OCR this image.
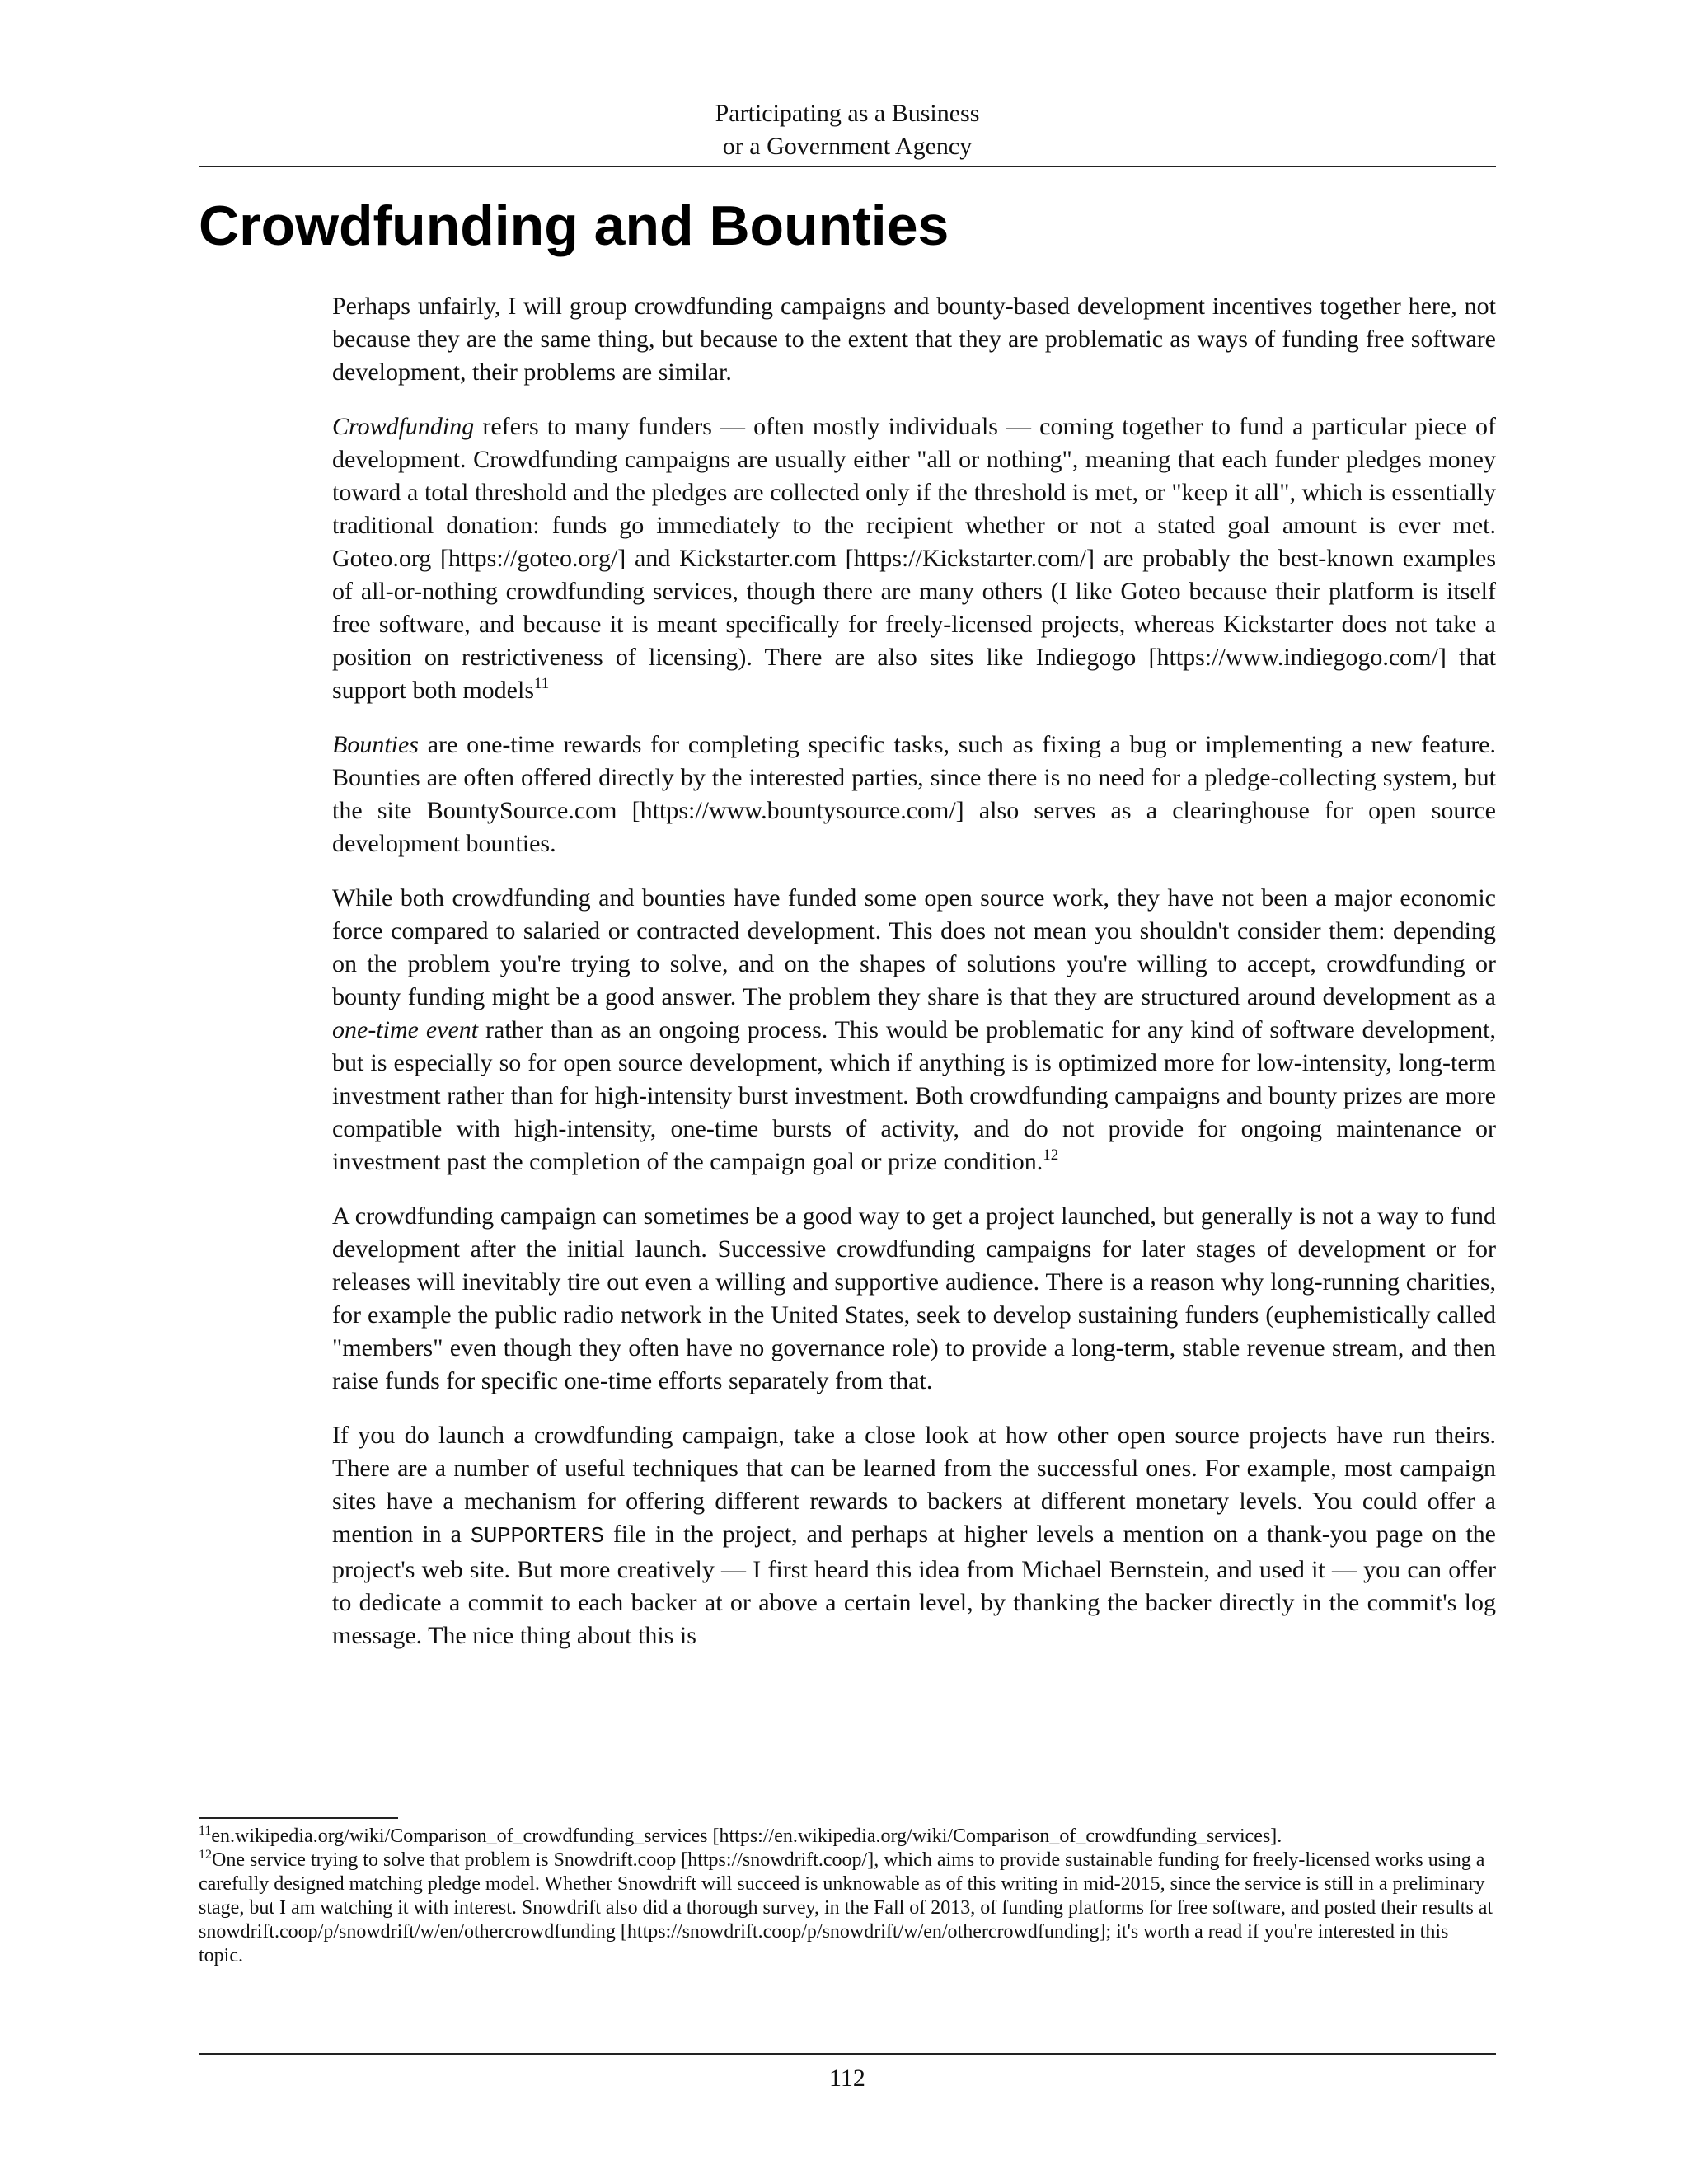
Participating as a Business
or a Government Agency
Crowdfunding and Bounties

Perhaps unfairly, I will group crowdfunding campaigns and bounty-based development incentives together here, not because they are the same thing, but because to the extent that they are problematic as ways of funding free software development, their problems are similar.

Crowdfunding refers to many funders — often mostly individuals — coming together to fund a particular piece of development. Crowdfunding campaigns are usually either "all or nothing", meaning that each funder pledges money toward a total threshold and the pledges are collected only if the threshold is met, or "keep it all", which is essentially traditional donation: funds go immediately to the recipient whether or not a stated goal amount is ever met. Goteo.org [https://goteo.org/] and Kickstarter.com [https://Kickstarter.com/] are probably the best-known examples of all-or-nothing crowdfunding services, though there are many others (I like Goteo because their platform is itself free software, and because it is meant specifically for freely-licensed projects, whereas Kickstarter does not take a position on restrictiveness of licensing). There are also sites like Indiegogo [https://www.indiegogo.com/] that support both models$^{11}$

Bounties are one-time rewards for completing specific tasks, such as fixing a bug or implementing a new feature. Bounties are often offered directly by the interested parties, since there is no need for a pledge-collecting system, but the site BountySource.com [https://www.bountysource.com/] also serves as a clearinghouse for open source development bounties.

While both crowdfunding and bounties have funded some open source work, they have not been a major economic force compared to salaried or contracted development. This does not mean you shouldn't consider them: depending on the problem you're trying to solve, and on the shapes of solutions you're willing to accept, crowdfunding or bounty funding might be a good answer. The problem they share is that they are structured around development as a one-time event rather than as an ongoing process. This would be problematic for any kind of software development, but is especially so for open source development, which if anything is is optimized more for low-intensity, long-term investment rather than for high-intensity burst investment. Both crowdfunding campaigns and bounty prizes are more compatible with high-intensity, one-time bursts of activity, and do not provide for ongoing maintenance or investment past the completion of the campaign goal or prize condition.$^{12}$

A crowdfunding campaign can sometimes be a good way to get a project launched, but generally is not a way to fund development after the initial launch. Successive crowdfunding campaigns for later stages of development or for releases will inevitably tire out even a willing and supportive audience. There is a reason why long-running charities, for example the public radio network in the United States, seek to develop sustaining funders (euphemistically called "members" even though they often have no governance role) to provide a long-term, stable revenue stream, and then raise funds for specific one-time efforts separately from that.

If you do launch a crowdfunding campaign, take a close look at how other open source projects have run theirs. There are a number of useful techniques that can be learned from the successful ones. For example, most campaign sites have a mechanism for offering different rewards to backers at different monetary levels. You could offer a mention in a SUPPORTERS file in the project, and perhaps at higher levels a mention on a thank-you page on the project's web site. But more creatively — I first heard this idea from Michael Bernstein, and used it — you can offer to dedicate a commit to each backer at or above a certain level, by thanking the backer directly in the commit's log message. The nice thing about this is

$^{11}$en.wikipedia.org/wiki/Comparison_of_crowdfunding_services [https://en.wikipedia.org/wiki/Comparison_of_crowdfunding_services].

$^{12}$One service trying to solve that problem is Snowdrift.coop [https://snowdrift.coop/], which aims to provide sustainable funding for freely-licensed works using a carefully designed matching pledge model. Whether Snowdrift will succeed is unknowable as of this writing in mid-2015, since the service is still in a preliminary stage, but I am watching it with interest. Snowdrift also did a thorough survey, in the Fall of 2013, of funding platforms for free software, and posted their results at snowdrift.coop/p/snowdrift/w/en/othercrowdfunding [https://snowdrift.coop/p/snowdrift/w/en/othercrowdfunding]; it's worth a read if you're interested in this topic.

112
